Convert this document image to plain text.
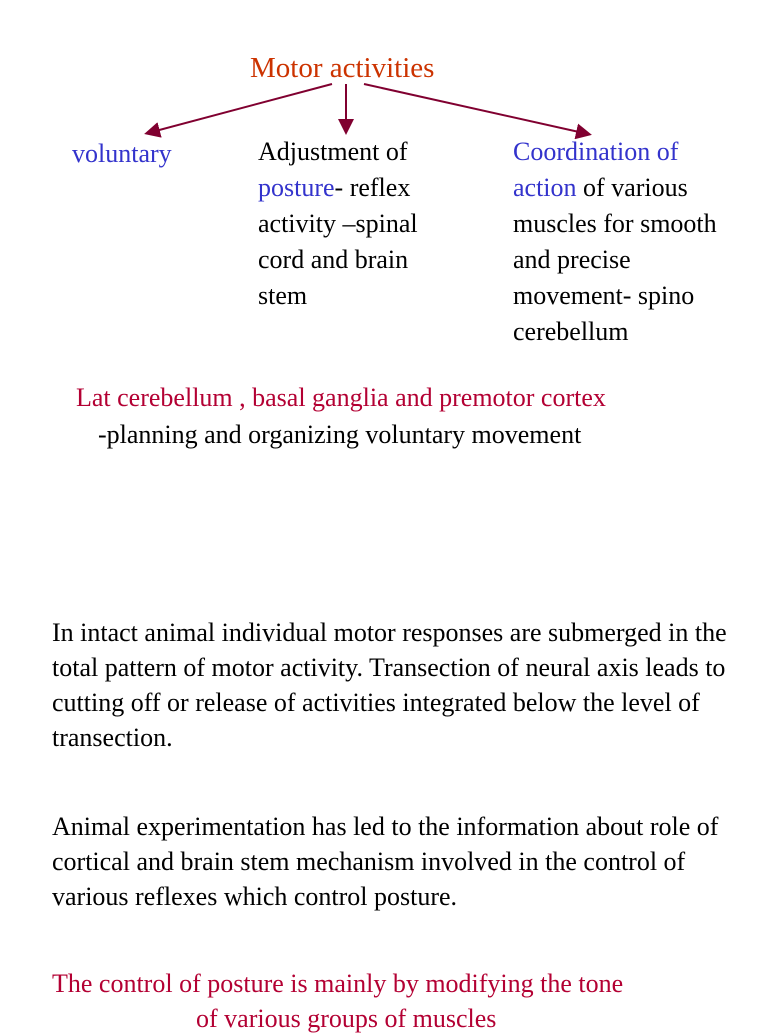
Motor activities
voluntary	Adjustment of
posture- reflex
activity –spinal
cord and brain
stem
Coordination of
action of various
muscles for smooth
and precise
movement- spino
cerebellum
Lat cerebellum , basal ganglia and premotor cortex
-planning and organizing voluntary movement
In intact animal individual motor responses are submerged in the total pattern of motor activity. Transection of neural axis leads to cutting off or release of activities integrated below the level of transection.
Animal experimentation has led to the information about role of cortical and brain stem mechanism involved in the control of various reflexes which control posture.
The control of posture is mainly by modifying the tone
of various groups of muscles
